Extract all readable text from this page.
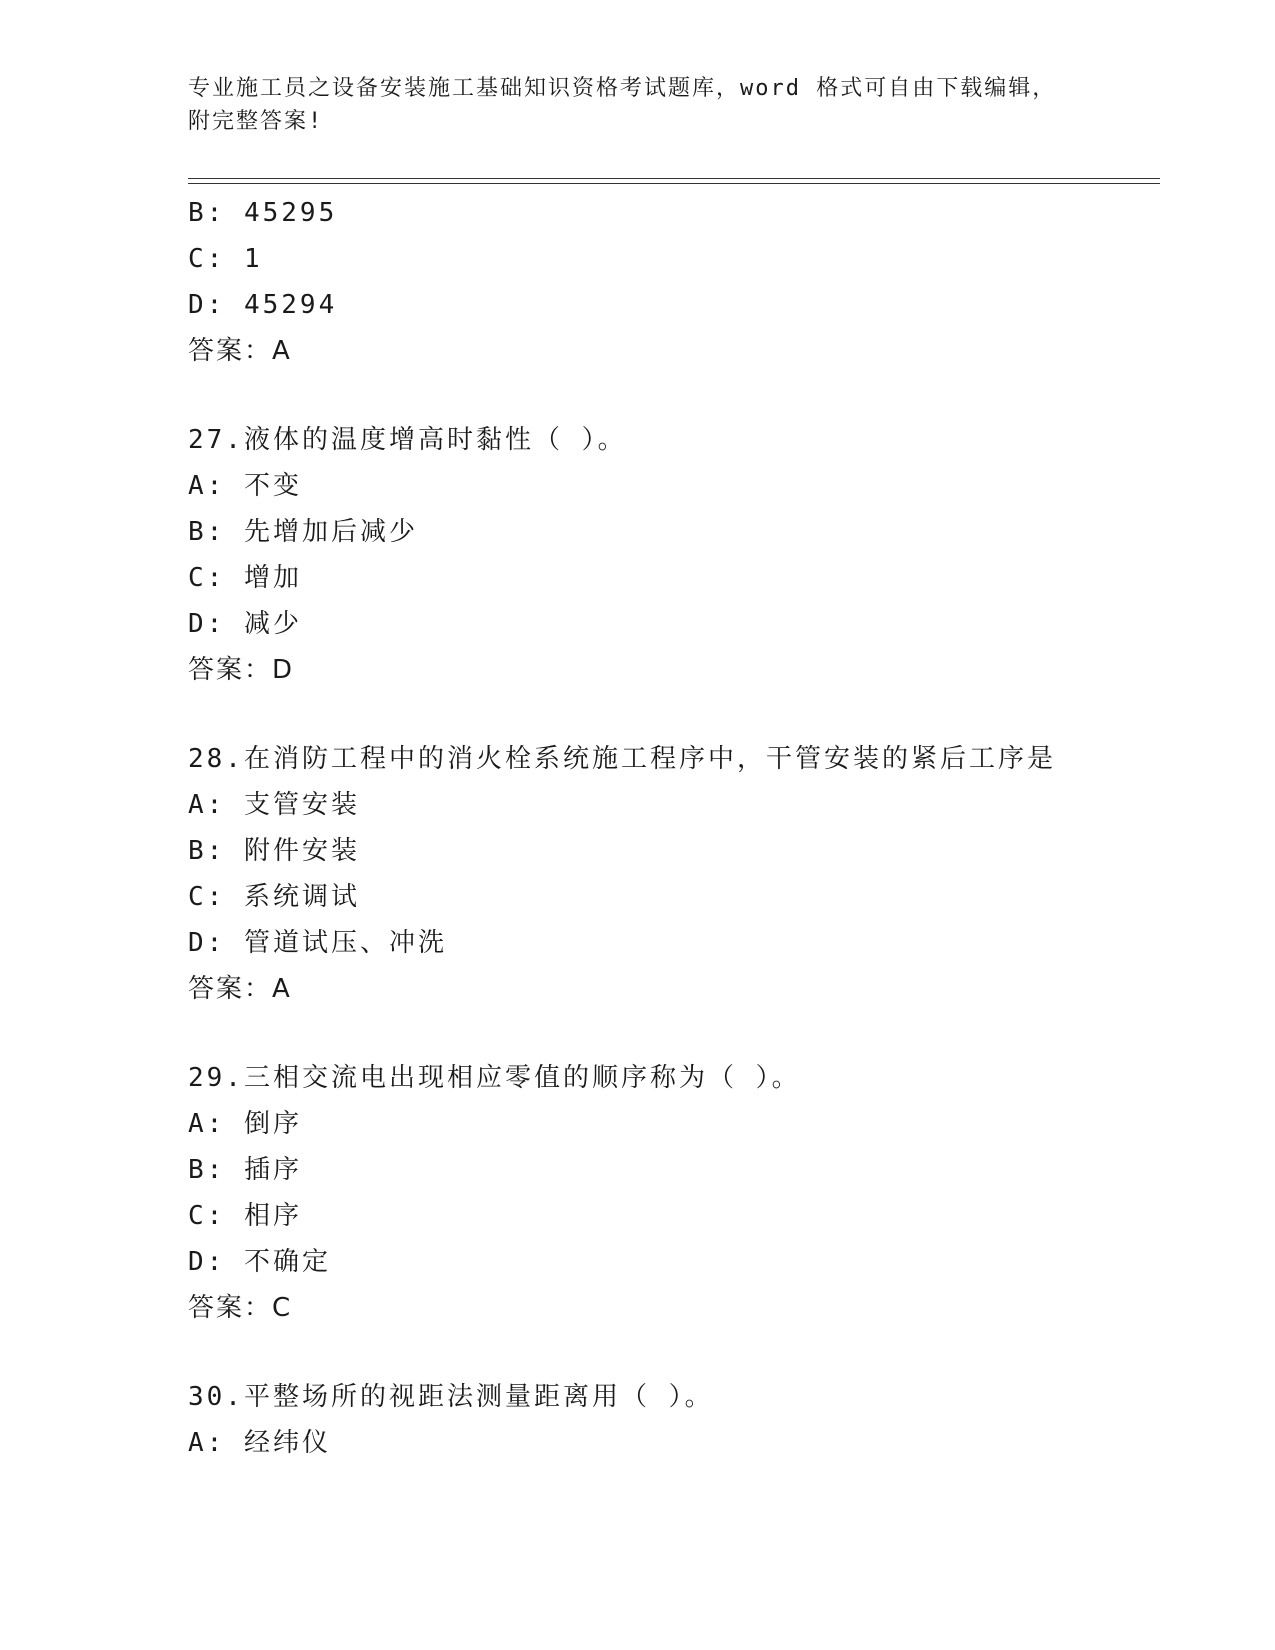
专业施工员之设备安装施工基础知识资格考试题库，word 格式可自由下载编辑，
附完整答案!
B: 45295
C: 1
D: 45294
答案：A
27.液体的温度增高时黏性（ ）。
A: 不变
B: 先增加后减少
C: 增加
D: 减少
答案：D
28.在消防工程中的消火栓系统施工程序中，干管安装的紧后工序是
A: 支管安装
B: 附件安装
C: 系统调试
D: 管道试压、冲洗
答案：A
29.三相交流电出现相应零值的顺序称为（ ）。
A: 倒序
B: 插序
C: 相序
D: 不确定
答案：C
30.平整场所的视距法测量距离用（ ）。
A: 经纬仪
